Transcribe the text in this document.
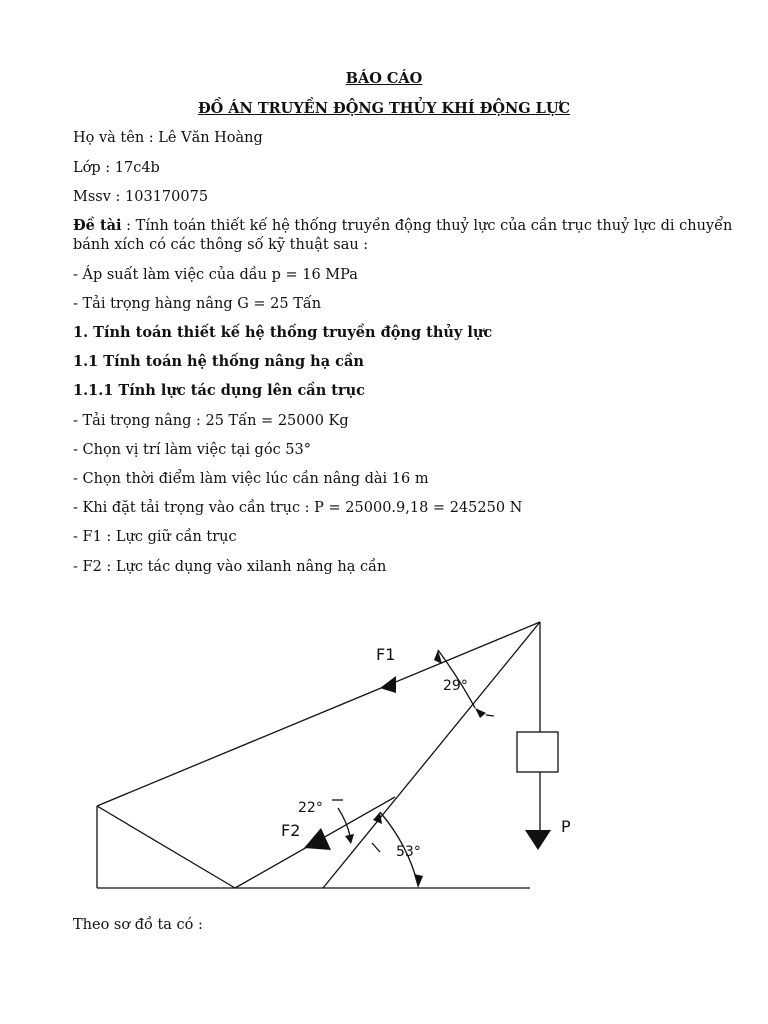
BÁO CÁO
ĐỒ ÁN TRUYỀN ĐỘNG THỦY KHÍ ĐỘNG LỰC
Họ và tên : Lê Văn Hoàng
Lớp : 17c4b
Mssv : 103170075
Đề tài : Tính toán thiết kế hệ thống truyền động thuỷ lực của cần trục thuỷ lực di chuyển
bánh xích có các thông số kỹ thuật sau :
- Áp suất làm việc của dầu p = 16 MPa
- Tải trọng hàng nâng G = 25 Tấn
1. Tính toán thiết kế hệ thống truyền động thủy lực
1.1 Tính toán hệ thống nâng hạ cần
1.1.1 Tính lực tác dụng lên cần trục
- Tải trọng nâng : 25 Tấn = 25000 Kg
- Chọn vị trí làm việc tại góc 53°
- Chọn thời điểm làm việc lúc cần nâng dài 16 m
- Khi đặt tải trọng vào cần trục : P = 25000.9,18 = 245250 N
- F1 : Lực giữ cần trục
- F2 : Lực tác dụng vào xilanh nâng hạ cần
F1
29°
22°
F2
53°
P
Theo sơ đồ ta có :
